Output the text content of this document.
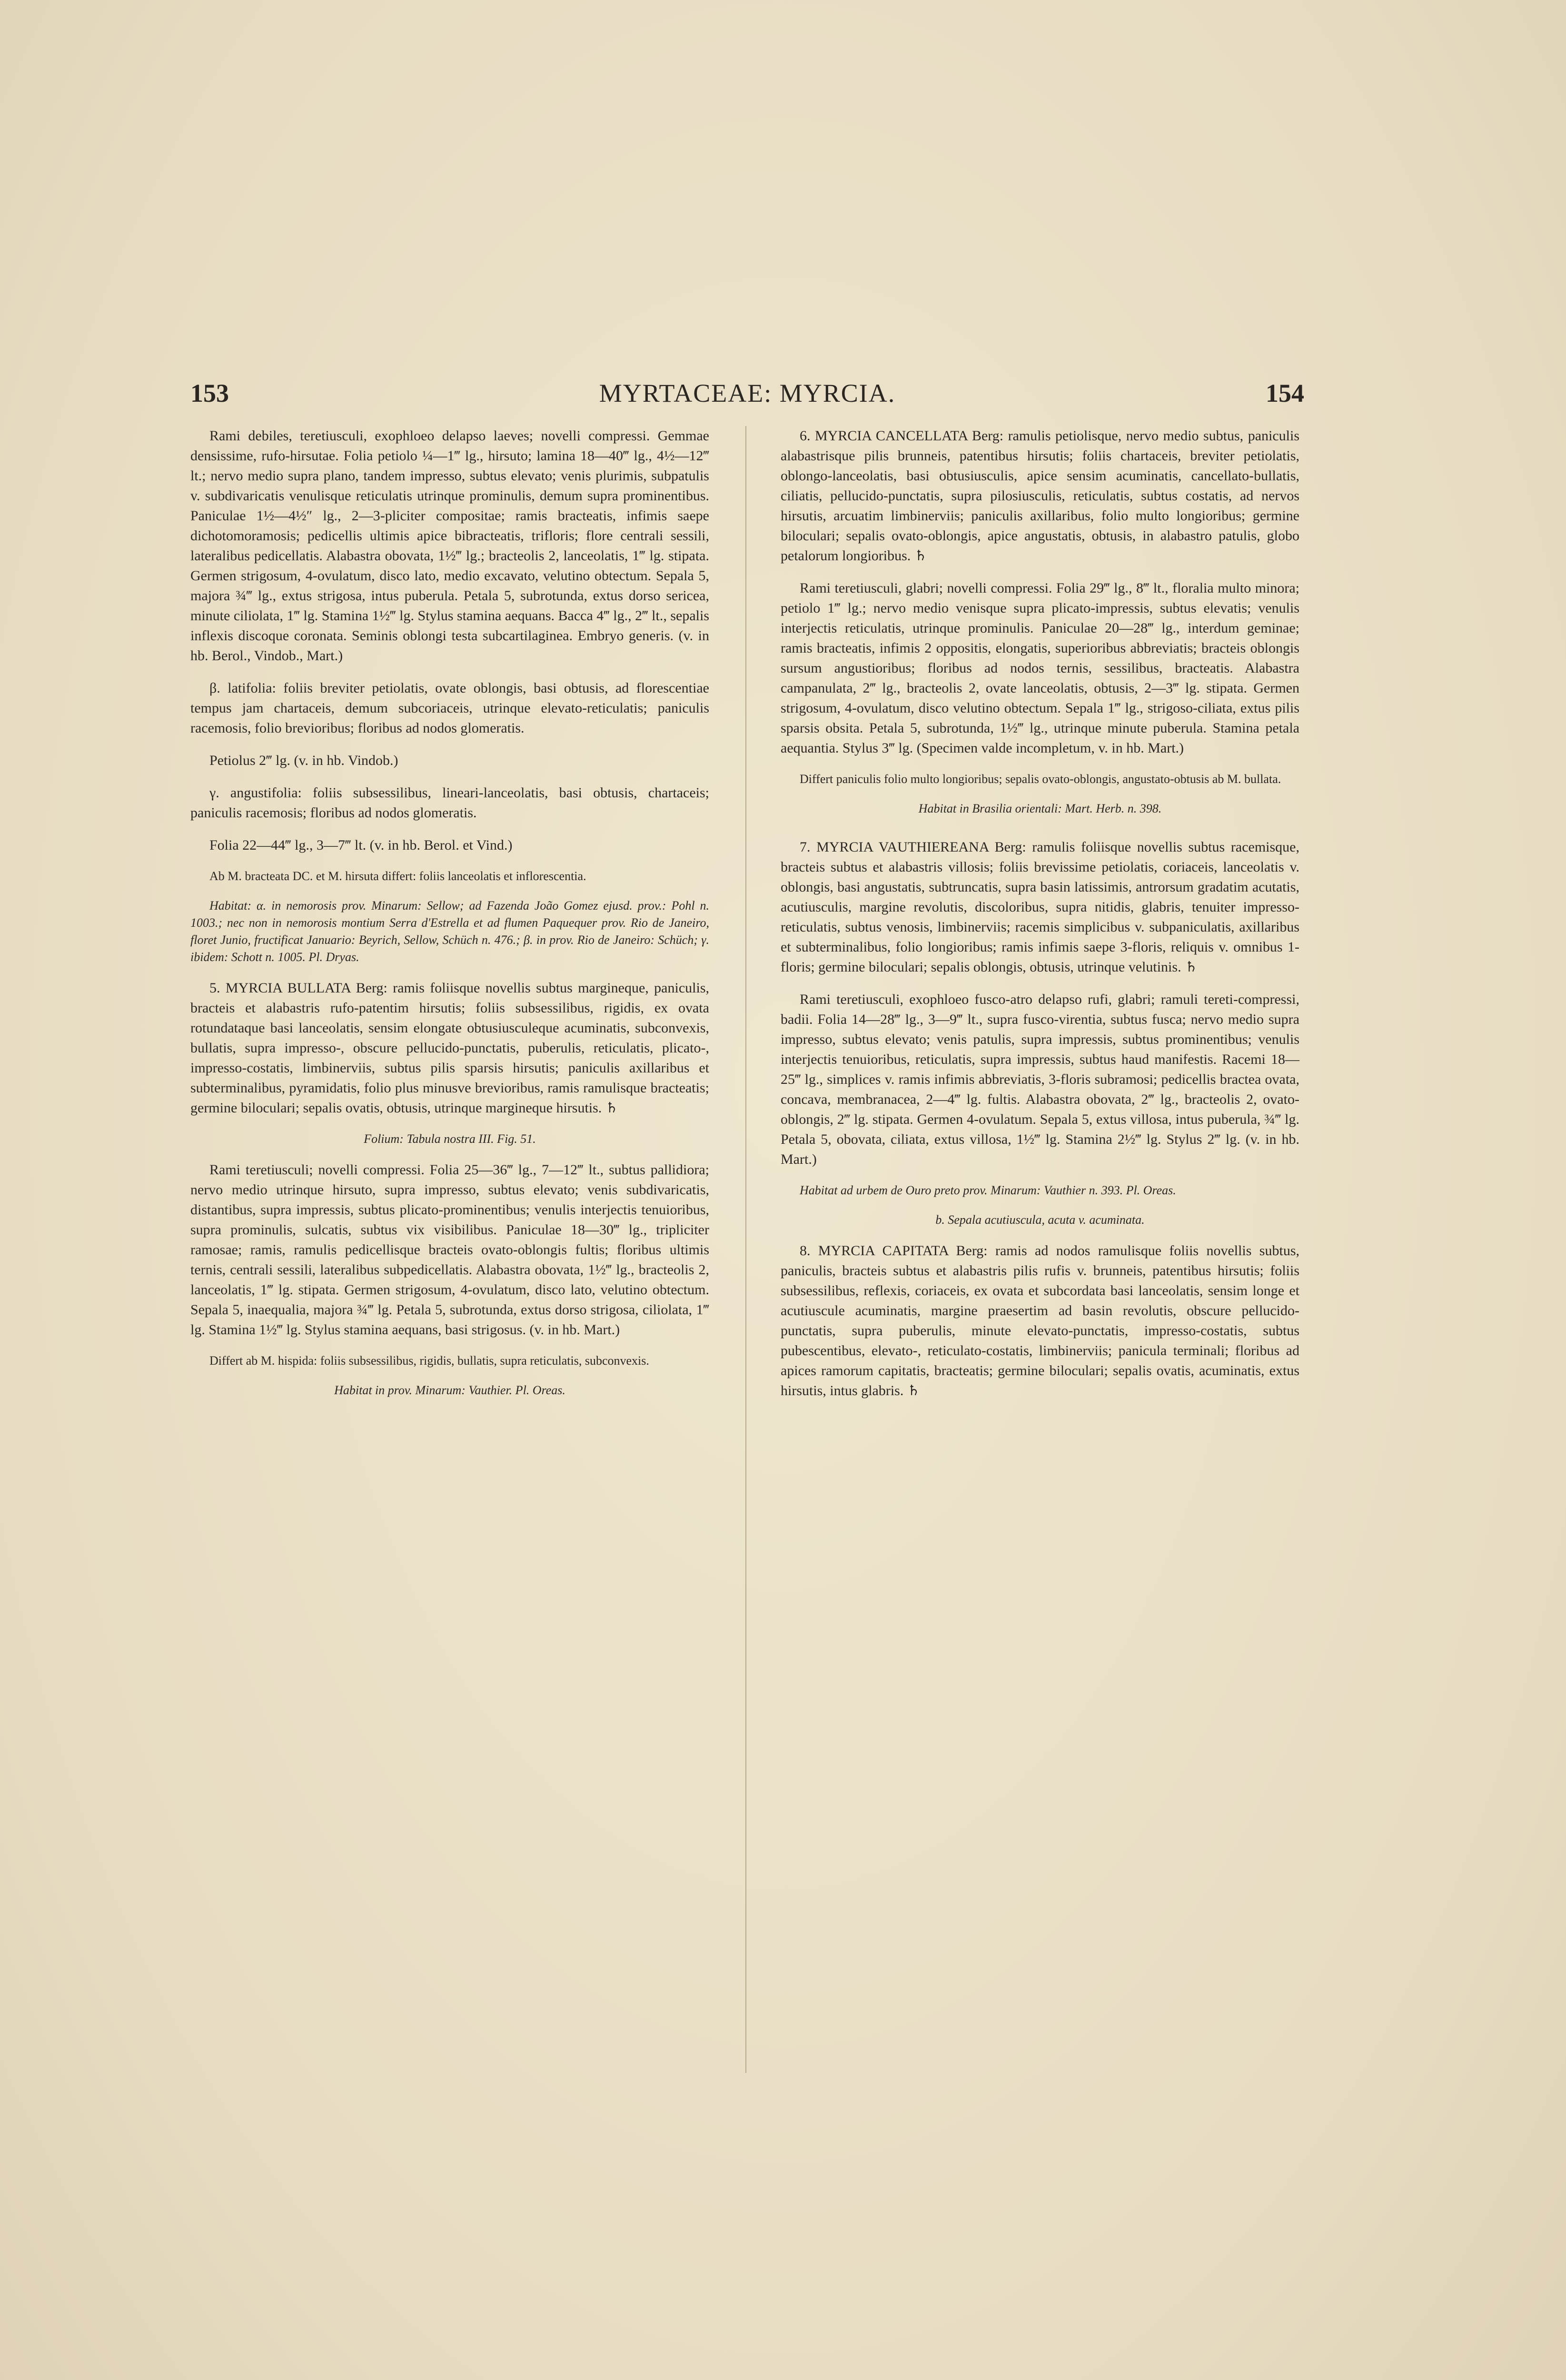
153	MYRTACEAE: MYRCIA.	154

Rami debiles, teretiusculi, exophloeo delapso laeves; novelli compressi. Gemmae densissime, rufo-hirsutae. Folia petiolo ¼—1‴ lg., hirsuto; lamina 18—40‴ lg., 4½—12‴ lt.; nervo medio supra plano, tandem impresso, subtus elevato; venis plurimis, subpatulis v. subdivaricatis venulisque reticulatis utrinque prominulis, demum supra prominentibus. Paniculae 1½—4½″ lg., 2—3-pliciter compositae; ramis bracteatis, infimis saepe dichotomoramosis; pedicellis ultimis apice bibracteatis, trifloris; flore centrali sessili, lateralibus pedicellatis. Alabastra obovata, 1½‴ lg.; bracteolis 2, lanceolatis, 1‴ lg. stipata. Germen strigosum, 4-ovulatum, disco lato, medio excavato, velutino obtectum. Sepala 5, majora ¾‴ lg., extus strigosa, intus puberula. Petala 5, subrotunda, extus dorso sericea, minute ciliolata, 1‴ lg. Stamina 1½‴ lg. Stylus stamina aequans. Bacca 4‴ lg., 2‴ lt., sepalis inflexis discoque coronata. Seminis oblongi testa subcartilaginea. Embryo generis. (v. in hb. Berol., Vindob., Mart.)

β. latifolia: foliis breviter petiolatis, ovate oblongis, basi obtusis, ad florescentiae tempus jam chartaceis, demum subcoriaceis, utrinque elevato-reticulatis; paniculis racemosis, folio brevioribus; floribus ad nodos glomeratis.

Petiolus 2‴ lg. (v. in hb. Vindob.)

γ. angustifolia: foliis subsessilibus, lineari-lanceolatis, basi obtusis, chartaceis; paniculis racemosis; floribus ad nodos glomeratis.

Folia 22—44‴ lg., 3—7‴ lt. (v. in hb. Berol. et Vind.)

Ab M. bracteata DC. et M. hirsuta differt: foliis lanceolatis et inflorescentia.

Habitat: α. in nemorosis prov. Minarum: Sellow; ad Fazenda João Gomez ejusd. prov.: Pohl n. 1003.; nec non in nemorosis montium Serra d'Estrella et ad flumen Paquequer prov. Rio de Janeiro, floret Junio, fructificat Januario: Beyrich, Sellow, Schüch n. 476.; β. in prov. Rio de Janeiro: Schüch; γ. ibidem: Schott n. 1005. Pl. Dryas.

5. MYRCIA BULLATA Berg: ramis foliisque novellis subtus margineque, paniculis, bracteis et alabastris rufo-patentim hirsutis; foliis subsessilibus, rigidis, ex ovata rotundataque basi lanceolatis, sensim elongate obtusiusculeque acuminatis, subconvexis, bullatis, supra impresso-, obscure pellucido-punctatis, puberulis, reticulatis, plicato-, impresso-costatis, limbinerviis, subtus pilis sparsis hirsutis; paniculis axillaribus et subterminalibus, pyramidatis, folio plus minusve brevioribus, ramis ramulisque bracteatis; germine biloculari; sepalis ovatis, obtusis, utrinque margineque hirsutis. ♄

Folium: Tabula nostra III. Fig. 51.

Rami teretiusculi; novelli compressi. Folia 25—36‴ lg., 7—12‴ lt., subtus pallidiora; nervo medio utrinque hirsuto, supra impresso, subtus elevato; venis subdivaricatis, distantibus, supra impressis, subtus plicato-prominentibus; venulis interjectis tenuioribus, supra prominulis, sulcatis, subtus vix visibilibus. Paniculae 18—30‴ lg., tripliciter ramosae; ramis, ramulis pedicellisque bracteis ovato-oblongis fultis; floribus ultimis ternis, centrali sessili, lateralibus subpedicellatis. Alabastra obovata, 1½‴ lg., bracteolis 2, lanceolatis, 1‴ lg. stipata. Germen strigosum, 4-ovulatum, disco lato, velutino obtectum. Sepala 5, inaequalia, majora ¾‴ lg. Petala 5, subrotunda, extus dorso strigosa, ciliolata, 1‴ lg. Stamina 1½‴ lg. Stylus stamina aequans, basi strigosus. (v. in hb. Mart.)

Differt ab M. hispida: foliis subsessilibus, rigidis, bullatis, supra reticulatis, subconvexis.

Habitat in prov. Minarum: Vauthier. Pl. Oreas.

6. MYRCIA CANCELLATA Berg: ramulis petiolisque, nervo medio subtus, paniculis alabastrisque pilis brunneis, patentibus hirsutis; foliis chartaceis, breviter petiolatis, oblongo-lanceolatis, basi obtusiusculis, apice sensim acuminatis, cancellato-bullatis, ciliatis, pellucido-punctatis, supra pilosiusculis, reticulatis, subtus costatis, ad nervos hirsutis, arcuatim limbinerviis; paniculis axillaribus, folio multo longioribus; germine biloculari; sepalis ovato-oblongis, apice angustatis, obtusis, in alabastro patulis, globo petalorum longioribus. ♄

Rami teretiusculi, glabri; novelli compressi. Folia 29‴ lg., 8‴ lt., floralia multo minora; petiolo 1‴ lg.; nervo medio venisque supra plicato-impressis, subtus elevatis; venulis interjectis reticulatis, utrinque prominulis. Paniculae 20—28‴ lg., interdum geminae; ramis bracteatis, infimis 2 oppositis, elongatis, superioribus abbreviatis; bracteis oblongis sursum angustioribus; floribus ad nodos ternis, sessilibus, bracteatis. Alabastra campanulata, 2‴ lg., bracteolis 2, ovate lanceolatis, obtusis, 2—3‴ lg. stipata. Germen strigosum, 4-ovulatum, disco velutino obtectum. Sepala 1‴ lg., strigoso-ciliata, extus pilis sparsis obsita. Petala 5, subrotunda, 1½‴ lg., utrinque minute puberula. Stamina petala aequantia. Stylus 3‴ lg. (Specimen valde incompletum, v. in hb. Mart.)

Differt paniculis folio multo longioribus; sepalis ovato-oblongis, angustato-obtusis ab M. bullata.

Habitat in Brasilia orientali: Mart. Herb. n. 398.

7. MYRCIA VAUTHIEREANA Berg: ramulis foliisque novellis subtus racemisque, bracteis subtus et alabastris villosis; foliis brevissime petiolatis, coriaceis, lanceolatis v. oblongis, basi angustatis, subtruncatis, supra basin latissimis, antrorsum gradatim acutatis, acutiusculis, margine revolutis, discoloribus, supra nitidis, glabris, tenuiter impresso-reticulatis, subtus venosis, limbinerviis; racemis simplicibus v. subpaniculatis, axillaribus et subterminalibus, folio longioribus; ramis infimis saepe 3-floris, reliquis v. omnibus 1-floris; germine biloculari; sepalis oblongis, obtusis, utrinque velutinis. ♄

Rami teretiusculi, exophloeo fusco-atro delapso rufi, glabri; ramuli tereti-compressi, badii. Folia 14—28‴ lg., 3—9‴ lt., supra fusco-virentia, subtus fusca; nervo medio supra impresso, subtus elevato; venis patulis, supra impressis, subtus prominentibus; venulis interjectis tenuioribus, reticulatis, supra impressis, subtus haud manifestis. Racemi 18—25‴ lg., simplices v. ramis infimis abbreviatis, 3-floris subramosi; pedicellis bractea ovata, concava, membranacea, 2—4‴ lg. fultis. Alabastra obovata, 2‴ lg., bracteolis 2, ovato-oblongis, 2‴ lg. stipata. Germen 4-ovulatum. Sepala 5, extus villosa, intus puberula, ¾‴ lg. Petala 5, obovata, ciliata, extus villosa, 1½‴ lg. Stamina 2½‴ lg. Stylus 2‴ lg. (v. in hb. Mart.)

Habitat ad urbem de Ouro preto prov. Minarum: Vauthier n. 393. Pl. Oreas.

b. Sepala acutiuscula, acuta v. acuminata.

8. MYRCIA CAPITATA Berg: ramis ad nodos ramulisque foliis novellis subtus, paniculis, bracteis subtus et alabastris pilis rufis v. brunneis, patentibus hirsutis; foliis subsessilibus, reflexis, coriaceis, ex ovata et subcordata basi lanceolatis, sensim longe et acutiuscule acuminatis, margine praesertim ad basin revolutis, obscure pellucido-punctatis, supra puberulis, minute elevato-punctatis, impresso-costatis, subtus pubescentibus, elevato-, reticulato-costatis, limbinerviis; panicula terminali; floribus ad apices ramorum capitatis, bracteatis; germine biloculari; sepalis ovatis, acuminatis, extus hirsutis, intus glabris. ♄
